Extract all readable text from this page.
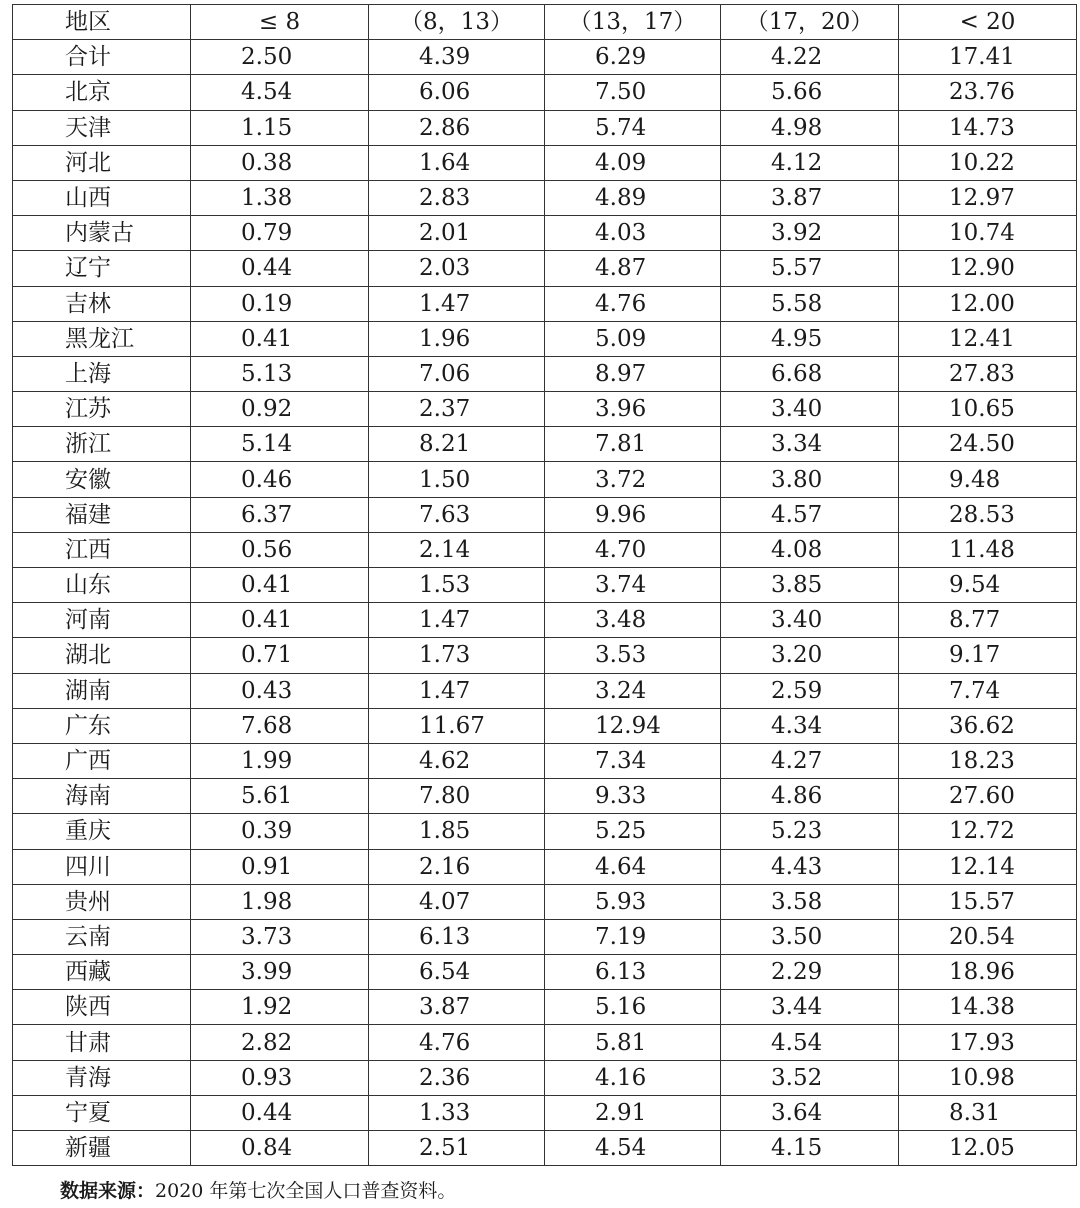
地区	≤ 8	（8，13）	（13，17）	（17，20）	< 20
合计	2.50	4.39	6.29	4.22	17.41
北京	4.54	6.06	7.50	5.66	23.76
天津	1.15	2.86	5.74	4.98	14.73
河北	0.38	1.64	4.09	4.12	10.22
山西	1.38	2.83	4.89	3.87	12.97
内蒙古	0.79	2.01	4.03	3.92	10.74
辽宁	0.44	2.03	4.87	5.57	12.90
吉林	0.19	1.47	4.76	5.58	12.00
黑龙江	0.41	1.96	5.09	4.95	12.41
上海	5.13	7.06	8.97	6.68	27.83
江苏	0.92	2.37	3.96	3.40	10.65
浙江	5.14	8.21	7.81	3.34	24.50
安徽	0.46	1.50	3.72	3.80	9.48
福建	6.37	7.63	9.96	4.57	28.53
江西	0.56	2.14	4.70	4.08	11.48
山东	0.41	1.53	3.74	3.85	9.54
河南	0.41	1.47	3.48	3.40	8.77
湖北	0.71	1.73	3.53	3.20	9.17
湖南	0.43	1.47	3.24	2.59	7.74
广东	7.68	11.67	12.94	4.34	36.62
广西	1.99	4.62	7.34	4.27	18.23
海南	5.61	7.80	9.33	4.86	27.60
重庆	0.39	1.85	5.25	5.23	12.72
四川	0.91	2.16	4.64	4.43	12.14
贵州	1.98	4.07	5.93	3.58	15.57
云南	3.73	6.13	7.19	3.50	20.54
西藏	3.99	6.54	6.13	2.29	18.96
陕西	1.92	3.87	5.16	3.44	14.38
甘肃	2.82	4.76	5.81	4.54	17.93
青海	0.93	2.36	4.16	3.52	10.98
宁夏	0.44	1.33	2.91	3.64	8.31
新疆	0.84	2.51	4.54	4.15	12.05
数据来源：2020 年第七次全国人口普查资料。
